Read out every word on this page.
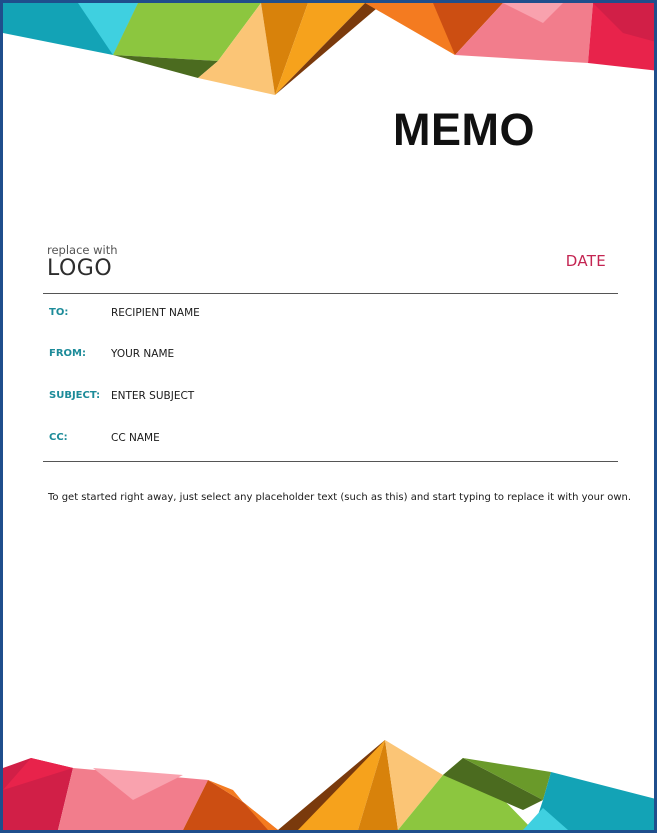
MEMO
replace with
LOGO	DATE
TO:	RECIPIENT NAME
FROM: YOUR NAME
SUBJECT: ENTER SUBJECT
CC:	CC NAME
To get started right away, just select any placeholder text (such as this) and start typing to replace it with your own.
